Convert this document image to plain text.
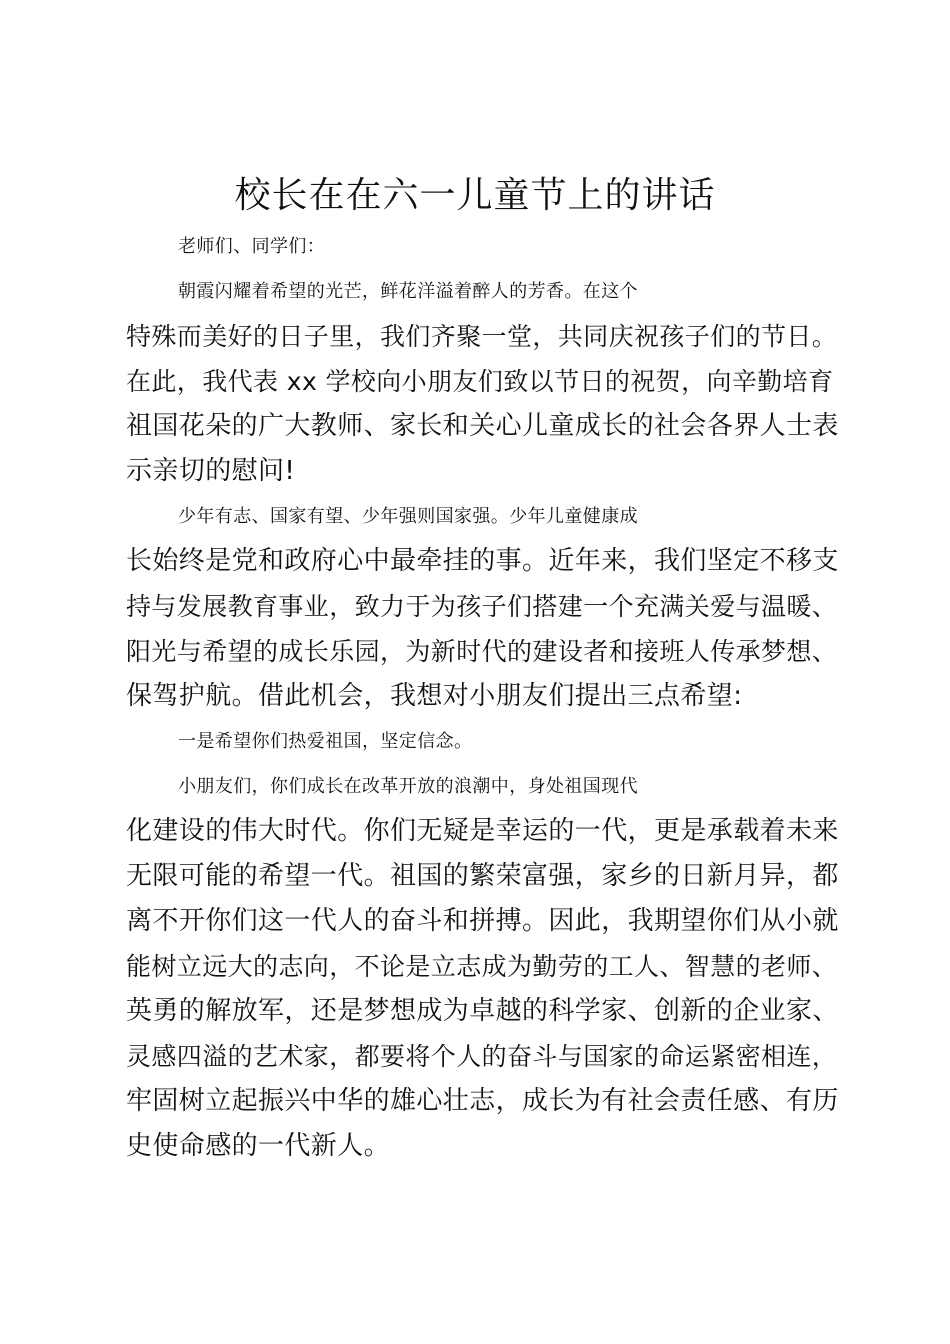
校长在在六一儿童节上的讲话
老师们、同学们：
朝霞闪耀着希望的光芒，鲜花洋溢着醉人的芳香。在这个
特殊而美好的日子里，我们齐聚一堂，共同庆祝孩子们的节日。
在此，我代表 xx 学校向小朋友们致以节日的祝贺，向辛勤培育
祖国花朵的广大教师、家长和关心儿童成长的社会各界人士表
示亲切的慰问!
少年有志、国家有望、少年强则国家强。少年儿童健康成
长始终是党和政府心中最牵挂的事。近年来，我们坚定不移支
持与发展教育事业，致力于为孩子们搭建一个充满关爱与温暖、
阳光与希望的成长乐园，为新时代的建设者和接班人传承梦想、
保驾护航。借此机会，我想对小朋友们提出三点希望:
一是希望你们热爱祖国，坚定信念。
小朋友们，你们成长在改革开放的浪潮中，身处祖国现代
化建设的伟大时代。你们无疑是幸运的一代，更是承载着未来
无限可能的希望一代。祖国的繁荣富强，家乡的日新月异，都
离不开你们这一代人的奋斗和拼搏。因此，我期望你们从小就
能树立远大的志向，不论是立志成为勤劳的工人、智慧的老师、
英勇的解放军，还是梦想成为卓越的科学家、创新的企业家、
灵感四溢的艺术家，都要将个人的奋斗与国家的命运紧密相连，
牢固树立起振兴中华的雄心壮志，成长为有社会责任感、有历
史使命感的一代新人。
